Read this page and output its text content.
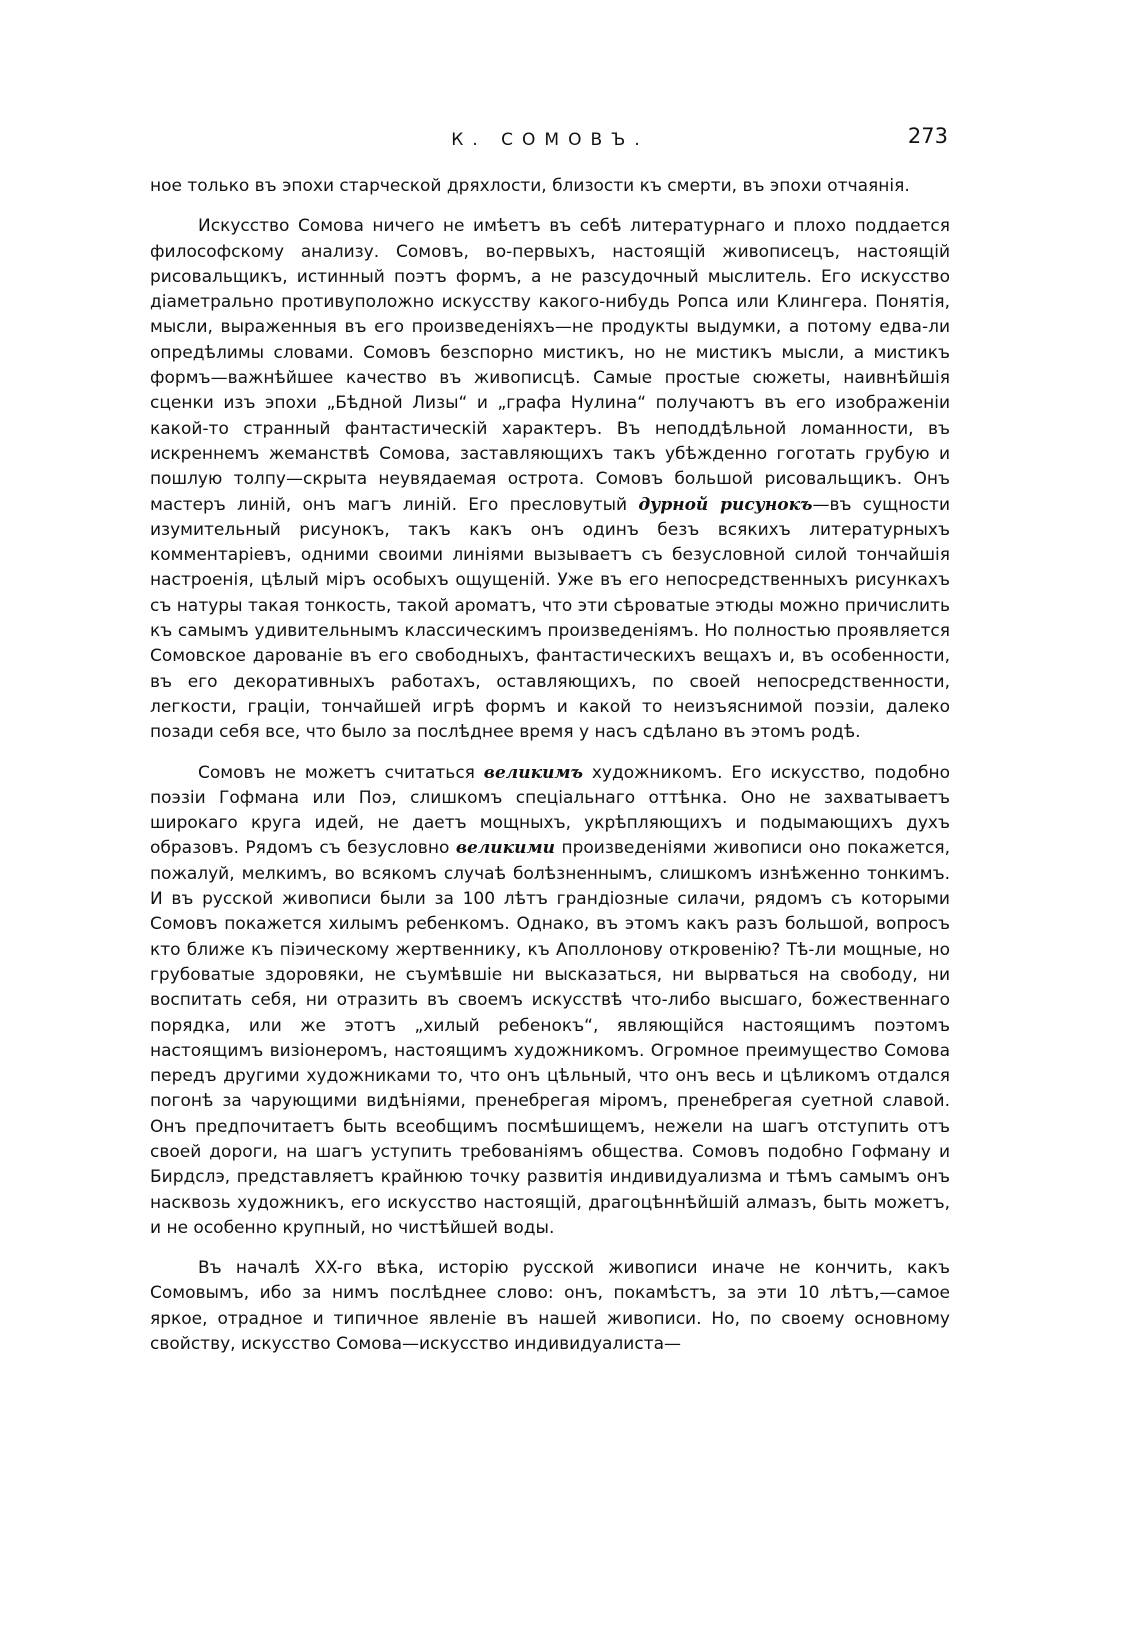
К. СОМОВЪ.	273

ное только въ эпохи старческой дряхлости, близости къ смерти, въ эпохи отчаянія.

Искусство Сомова ничего не имѣетъ въ себѣ литературнаго и плохо поддается философскому анализу. Сомовъ, во-первыхъ, настоящій живописецъ, настоящій рисовальщикъ, истинный поэтъ формъ, а не разсудочный мыслитель. Его искусство діаметрально противуположно искусству какого-нибудь Ропса или Клингера. Понятія, мысли, выраженныя въ его произведеніяхъ—не продукты выдумки, а потому едва-ли опредѣлимы словами. Сомовъ безспорно мистикъ, но не мистикъ мысли, а мистикъ формъ—важнѣйшее качество въ живописцѣ. Самые простые сюжеты, наивнѣйшія сценки изъ эпохи „Бѣдной Лизы“ и „графа Нулина“ получаютъ въ его изображеніи какой-то странный фантастическій характеръ. Въ неподдѣльной ломанности, въ искреннемъ жеманствѣ Сомова, заставляющихъ такъ убѣжденно гоготать грубую и пошлую толпу—скрыта неувядаемая острота. Сомовъ большой рисовальщикъ. Онъ мастеръ линій, онъ магъ линій. Его пресловутый дурной рисунокъ—въ сущности изумительный рисунокъ, такъ какъ онъ одинъ безъ всякихъ литературныхъ комментаріевъ, одними своими линіями вызываетъ съ безусловной силой тончайшія настроенія, цѣлый міръ особыхъ ощущеній. Уже въ его непосредственныхъ рисункахъ съ натуры такая тонкость, такой ароматъ, что эти сѣроватые этюды можно причислить къ самымъ удивительнымъ классическимъ произведеніямъ. Но полностью проявляется Сомовское дарованіе въ его свободныхъ, фантастическихъ вещахъ и, въ особенности, въ его декоративныхъ работахъ, оставляющихъ, по своей непосредственности, легкости, граціи, тончайшей игрѣ формъ и какой то неизъяснимой поэзіи, далеко позади себя все, что было за послѣднее время у насъ сдѣлано въ этомъ родѣ.

Сомовъ не можетъ считаться великимъ художникомъ. Его искусство, подобно поэзіи Гофмана или Поэ, слишкомъ спеціальнаго оттѣнка. Оно не захватываетъ широкаго круга идей, не даетъ мощныхъ, укрѣпляющихъ и подымающихъ духъ образовъ. Рядомъ съ безусловно великими произведеніями живописи оно покажется, пожалуй, мелкимъ, во всякомъ случаѣ болѣзненнымъ, слишкомъ изнѣженно тонкимъ. И въ русской живописи были за 100 лѣтъ грандіозные силачи, рядомъ съ которыми Сомовъ покажется хилымъ ребенкомъ. Однако, въ этомъ какъ разъ большой, вопросъ кто ближе къ піэическому жертвеннику, къ Аполлонову откровенію? Тѣ-ли мощные, но грубоватые здоровяки, не съумѣвшіе ни высказаться, ни вырваться на свободу, ни воспитать себя, ни отразить въ своемъ искусствѣ что-либо высшаго, божественнаго порядка, или же этотъ „хилый ребенокъ“, являющійся настоящимъ поэтомъ настоящимъ визіонеромъ, настоящимъ художникомъ. Огромное преимущество Сомова передъ другими художниками то, что онъ цѣльный, что онъ весь и цѣликомъ отдался погонѣ за чарующими видѣніями, пренебрегая міромъ, пренебрегая суетной славой. Онъ предпочитаетъ быть всеобщимъ посмѣшищемъ, нежели на шагъ отступить отъ своей дороги, на шагъ уступить требованіямъ общества. Сомовъ подобно Гофману и Бирдслэ, представляетъ крайнюю точку развитія индивидуализма и тѣмъ самымъ онъ насквозь художникъ, его искусство настоящій, драгоцѣннѣйшій алмазъ, быть можетъ, и не особенно крупный, но чистѣйшей воды.

Въ началѣ XX-го вѣка, исторію русской живописи иначе не кончить, какъ Сомовымъ, ибо за нимъ послѣднее слово: онъ, покамѣстъ, за эти 10 лѣтъ,—самое яркое, отрадное и типичное явленіе въ нашей живописи. Но, по своему основному свойству, искусство Сомова—искусство индивидуалиста—
